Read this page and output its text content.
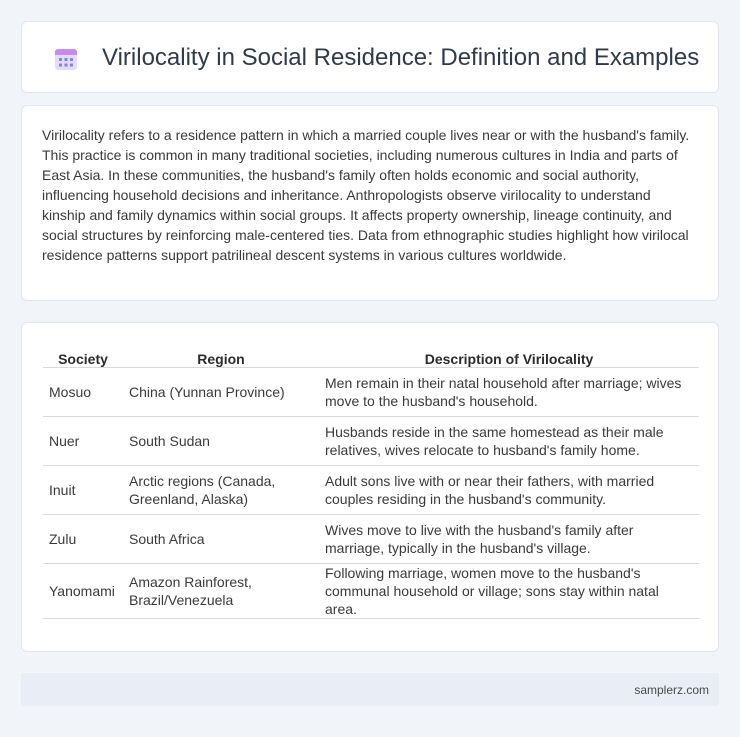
Virilocality in Social Residence: Definition and Examples

Virilocality refers to a residence pattern in which a married couple lives near or with the husband's family. This practice is common in many traditional societies, including numerous cultures in India and parts of East Asia. In these communities, the husband's family often holds economic and social authority, influencing household decisions and inheritance. Anthropologists observe virilocality to understand kinship and family dynamics within social groups. It affects property ownership, lineage continuity, and social structures by reinforcing male-centered ties. Data from ethnographic studies highlight how virilocal residence patterns support patrilineal descent systems in various cultures worldwide.

Society	Region	Description of Virilocality
Mosuo	China (Yunnan Province)	Men remain in their natal household after marriage; wives move to the husband's household.
Nuer	South Sudan	Husbands reside in the same homestead as their male relatives, wives relocate to husband's family home.
Inuit	Arctic regions (Canada, Greenland, Alaska)	Adult sons live with or near their fathers, with married couples residing in the husband's community.
Zulu	South Africa	Wives move to live with the husband's family after marriage, typically in the husband's village.
Yanomami	Amazon Rainforest, Brazil/Venezuela	Following marriage, women move to the husband's communal household or village; sons stay within natal area.
samplerz.com
